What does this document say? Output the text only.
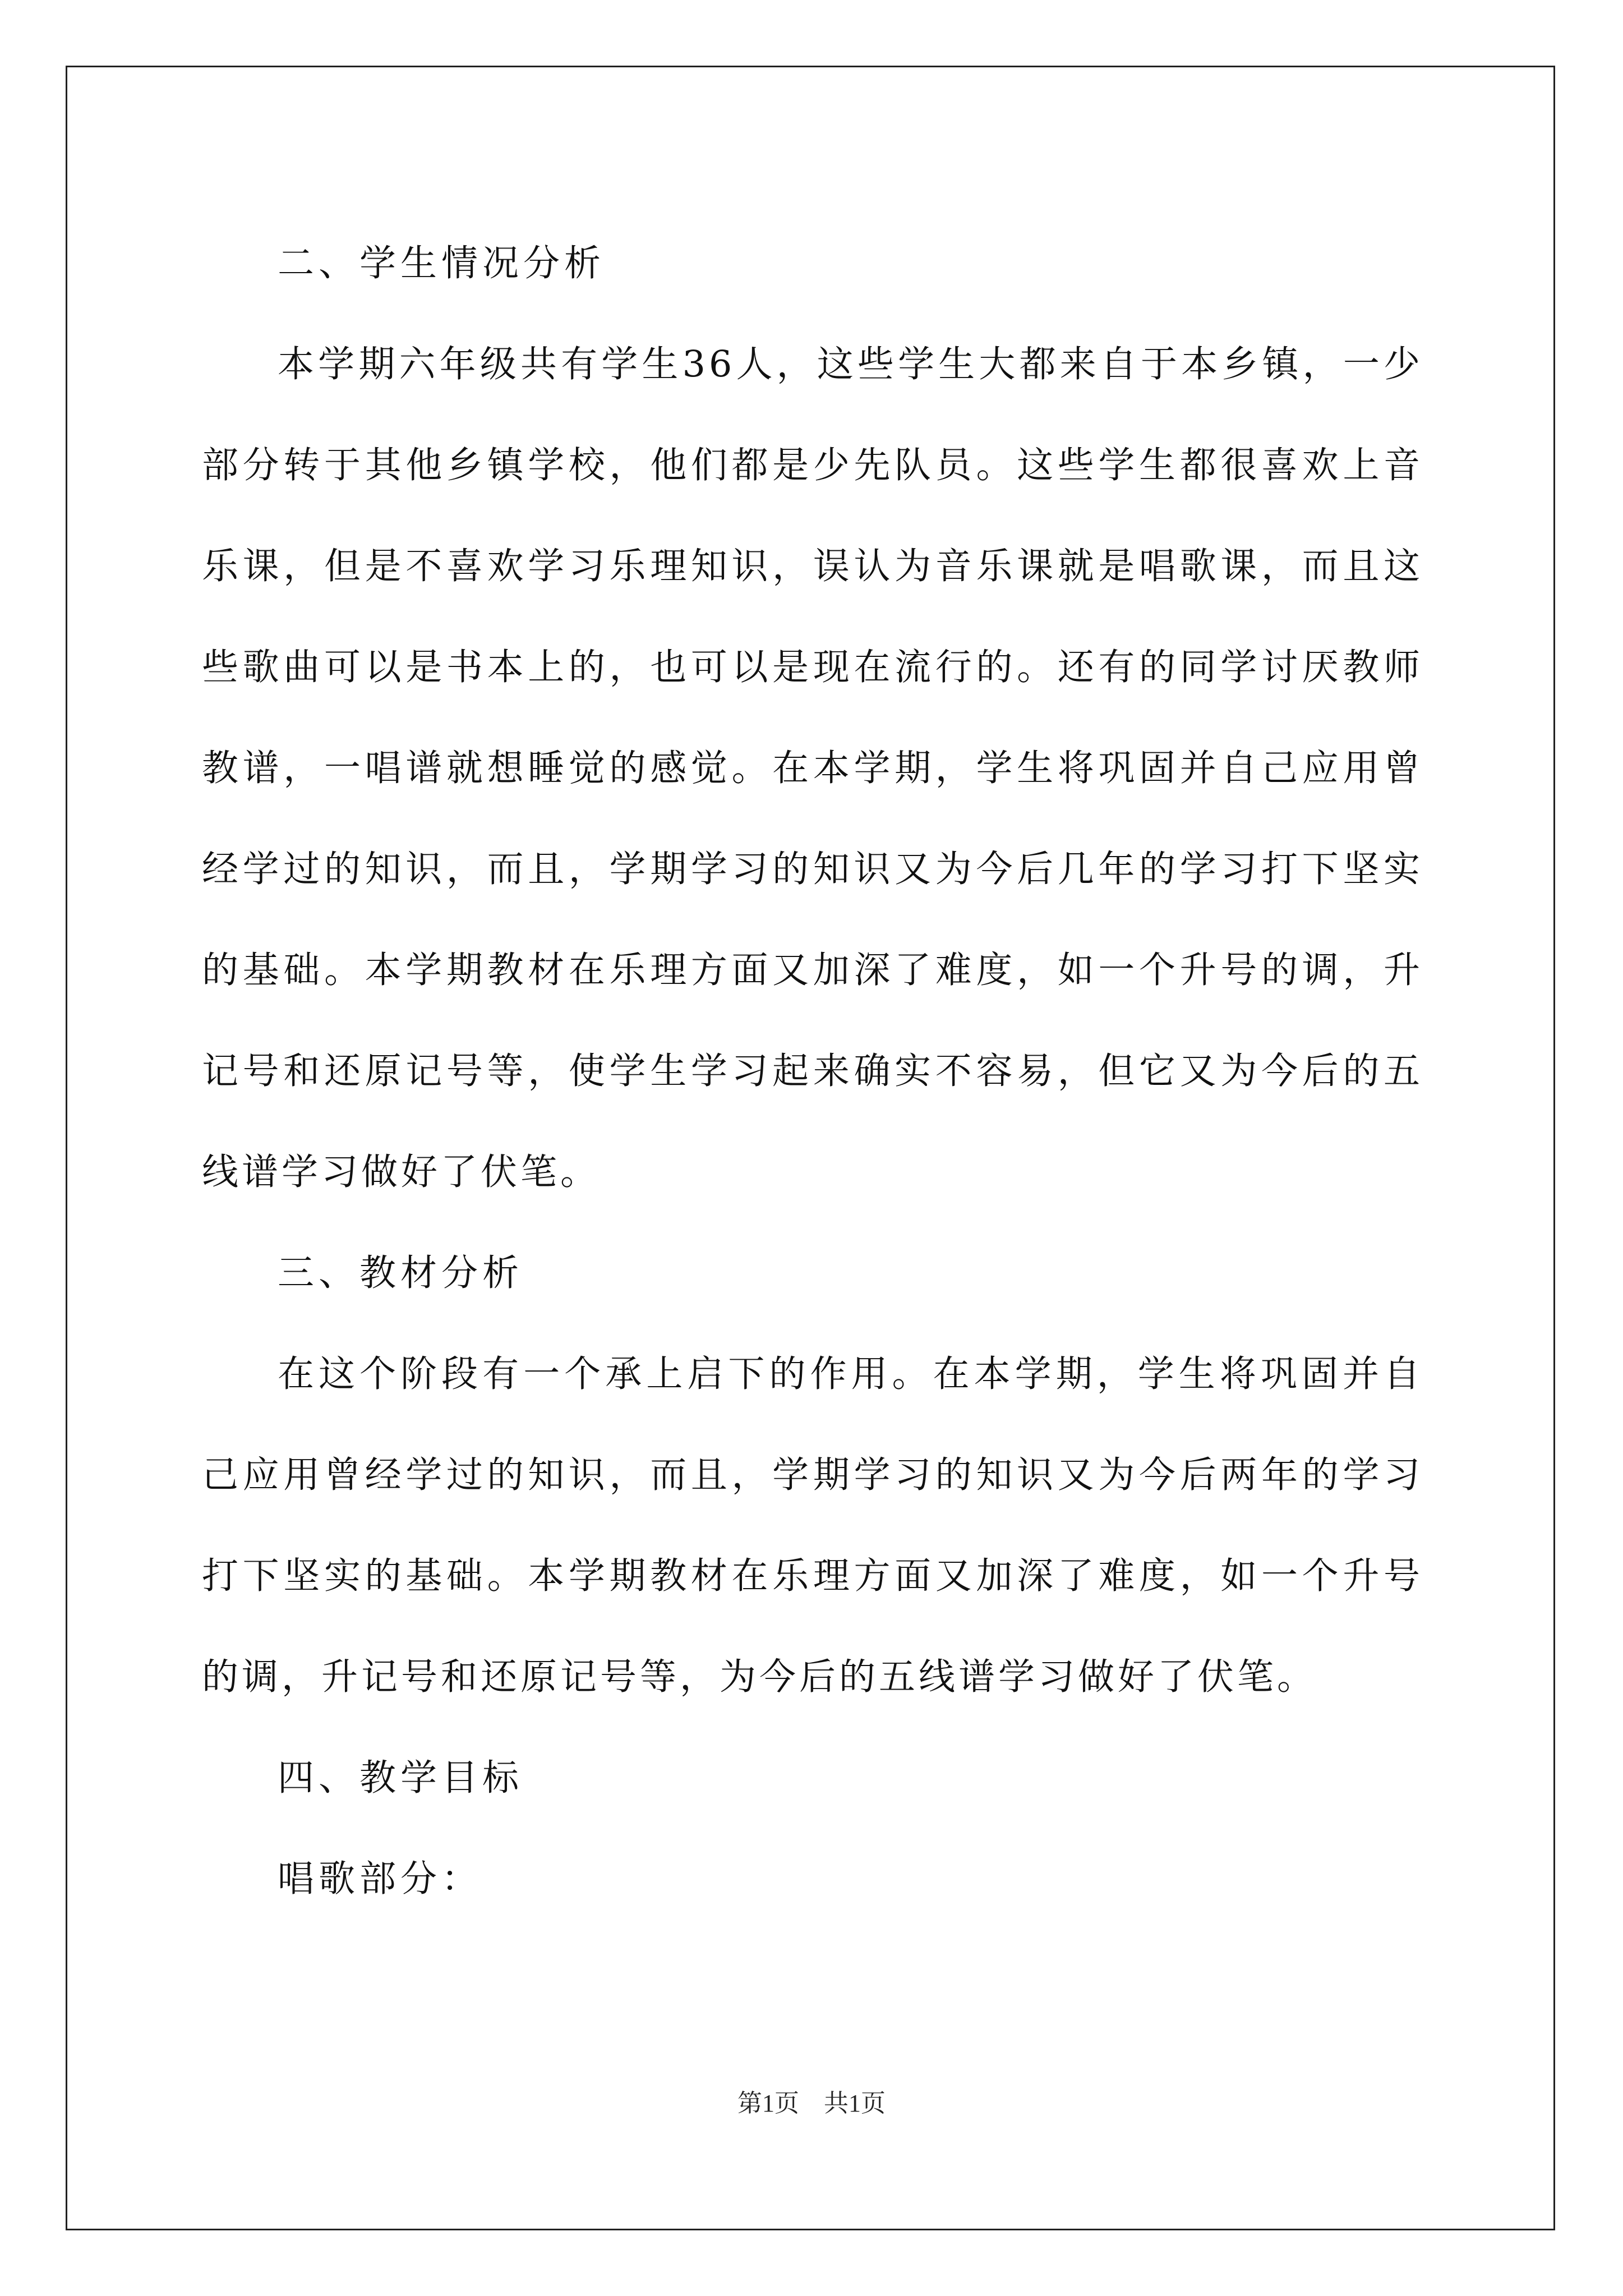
二、学生情况分析

本学期六年级共有学生36人，这些学生大都来自于本乡镇，一少部分转于其他乡镇学校，他们都是少先队员。这些学生都很喜欢上音乐课，但是不喜欢学习乐理知识，误认为音乐课就是唱歌课，而且这些歌曲可以是书本上的，也可以是现在流行的。还有的同学讨厌教师教谱，一唱谱就想睡觉的感觉。在本学期，学生将巩固并自己应用曾经学过的知识，而且，学期学习的知识又为今后几年的学习打下坚实的基础。本学期教材在乐理方面又加深了难度，如一个升号的调，升记号和还原记号等，使学生学习起来确实不容易，但它又为今后的五线谱学习做好了伏笔。

三、教材分析

在这个阶段有一个承上启下的作用。在本学期，学生将巩固并自己应用曾经学过的知识，而且，学期学习的知识又为今后两年的学习打下坚实的基础。本学期教材在乐理方面又加深了难度，如一个升号的调，升记号和还原记号等，为今后的五线谱学习做好了伏笔。

四、教学目标

唱歌部分：

第1页　共1页
